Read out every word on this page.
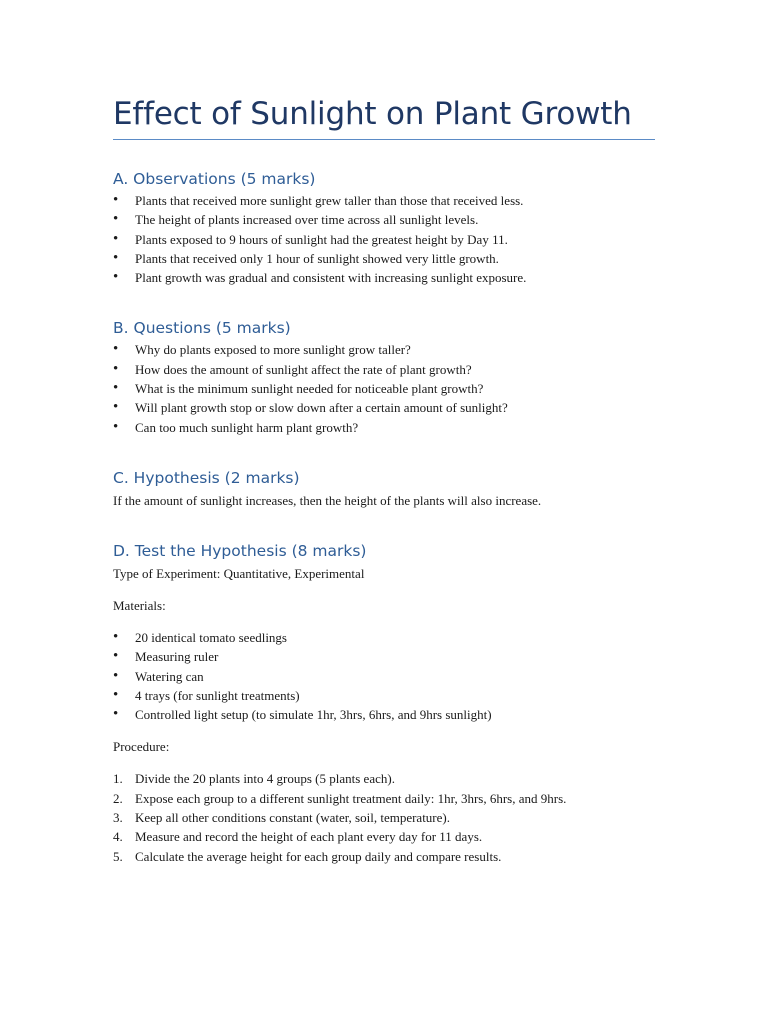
Effect of Sunlight on Plant Growth
A. Observations (5 marks)
• Plants that received more sunlight grew taller than those that received less.
• The height of plants increased over time across all sunlight levels.
• Plants exposed to 9 hours of sunlight had the greatest height by Day 11.
• Plants that received only 1 hour of sunlight showed very little growth.
• Plant growth was gradual and consistent with increasing sunlight exposure.
B. Questions (5 marks)
• Why do plants exposed to more sunlight grow taller?
• How does the amount of sunlight affect the rate of plant growth?
• What is the minimum sunlight needed for noticeable plant growth?
• Will plant growth stop or slow down after a certain amount of sunlight?
• Can too much sunlight harm plant growth?
C. Hypothesis (2 marks)

If the amount of sunlight increases, then the height of the plants will also increase.

D. Test the Hypothesis (8 marks)

Type of Experiment: Quantitative, Experimental

Materials:

• 20 identical tomato seedlings
• Measuring ruler
• Watering can
• 4 trays (for sunlight treatments)
• Controlled light setup (to simulate 1hr, 3hrs, 6hrs, and 9hrs sunlight)

Procedure:

1. Divide the 20 plants into 4 groups (5 plants each).
2. Expose each group to a different sunlight treatment daily: 1hr, 3hrs, 6hrs, and 9hrs.
3. Keep all other conditions constant (water, soil, temperature).
4. Measure and record the height of each plant every day for 11 days.
5. Calculate the average height for each group daily and compare results.
